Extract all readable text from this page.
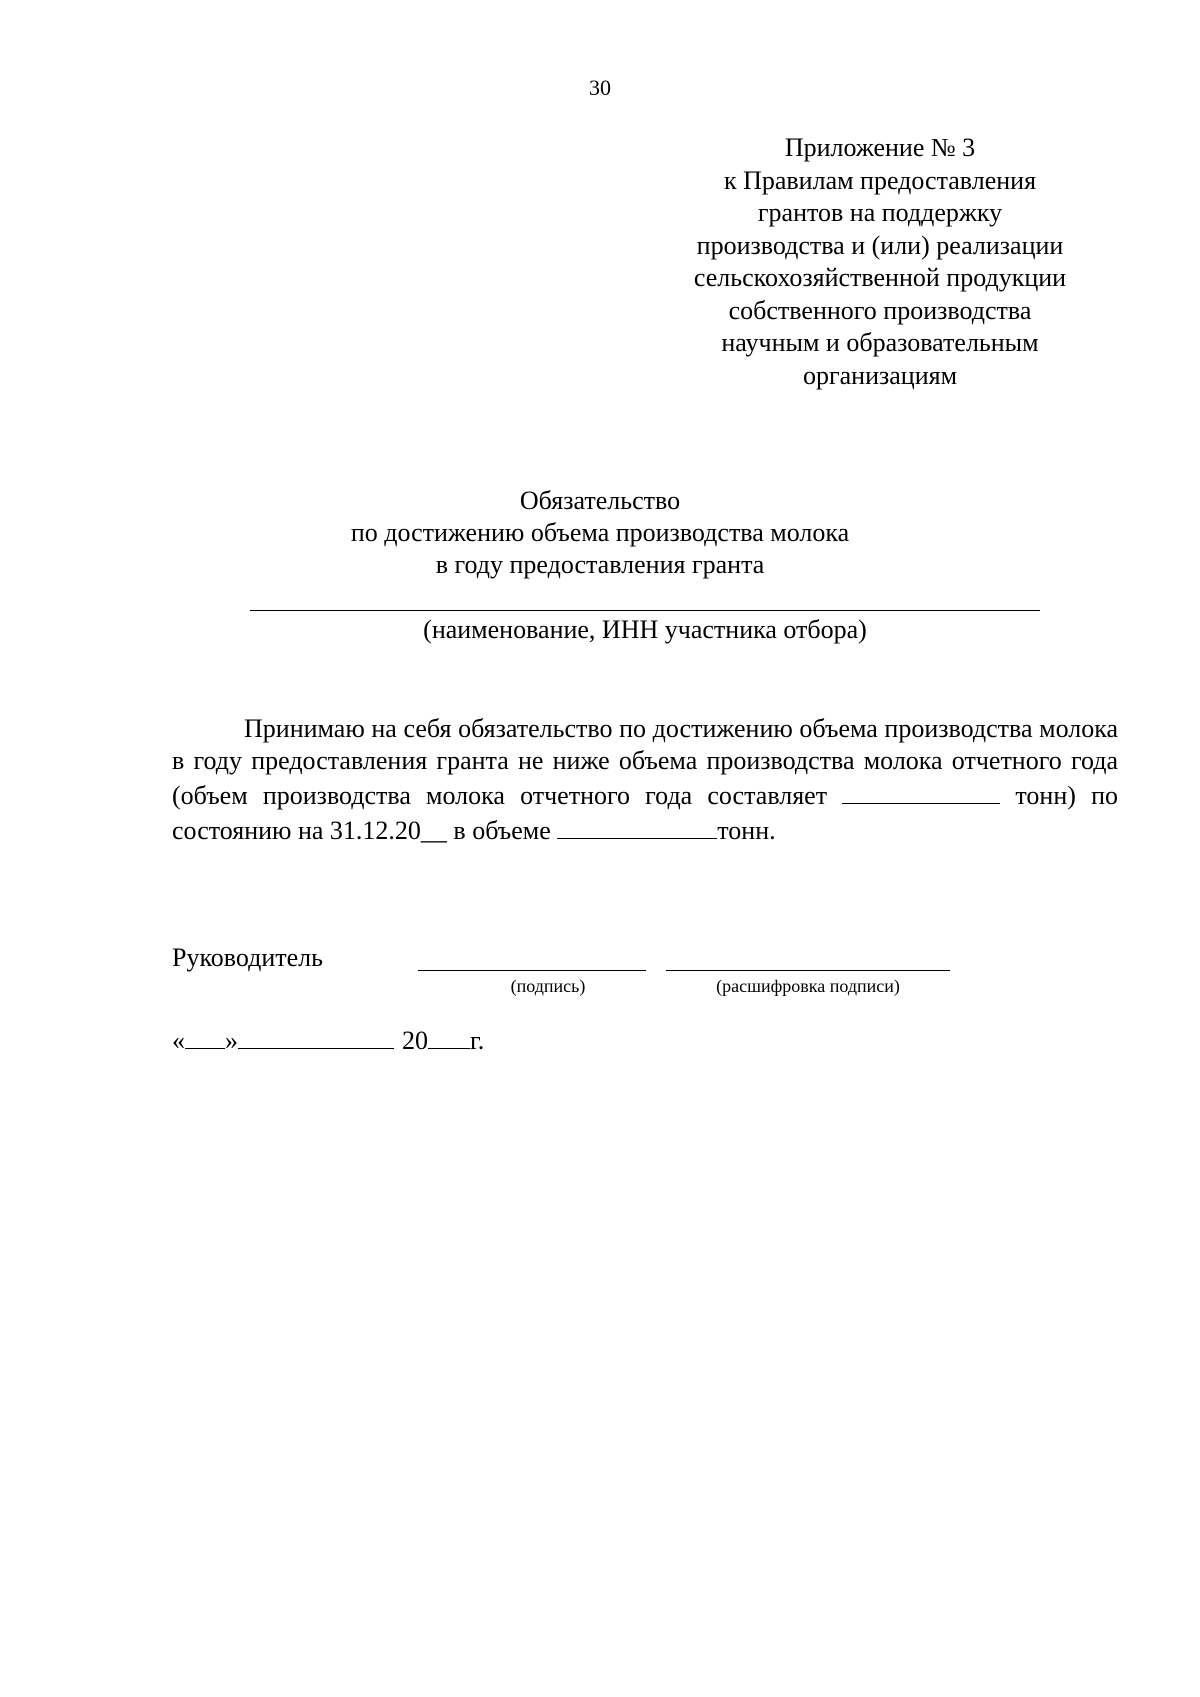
30
Приложение № 3
к Правилам предоставления
грантов на поддержку
производства и (или) реализации
сельскохозяйственной продукции
собственного производства
научным и образовательным
организациям
Обязательство
по достижению объема производства молока
в году предоставления гранта
(наименование, ИНН участника отбора)

Принимаю на себя обязательство по достижению объема производства молока в году предоставления гранта не ниже объема производства молока отчетного года (объем производства молока отчетного года составляет	тонн) по состоянию на 31.12.20__ в объеме	тонн.

Руководитель
(подпись)	(расшифровка подписи)
« »	20 г.
